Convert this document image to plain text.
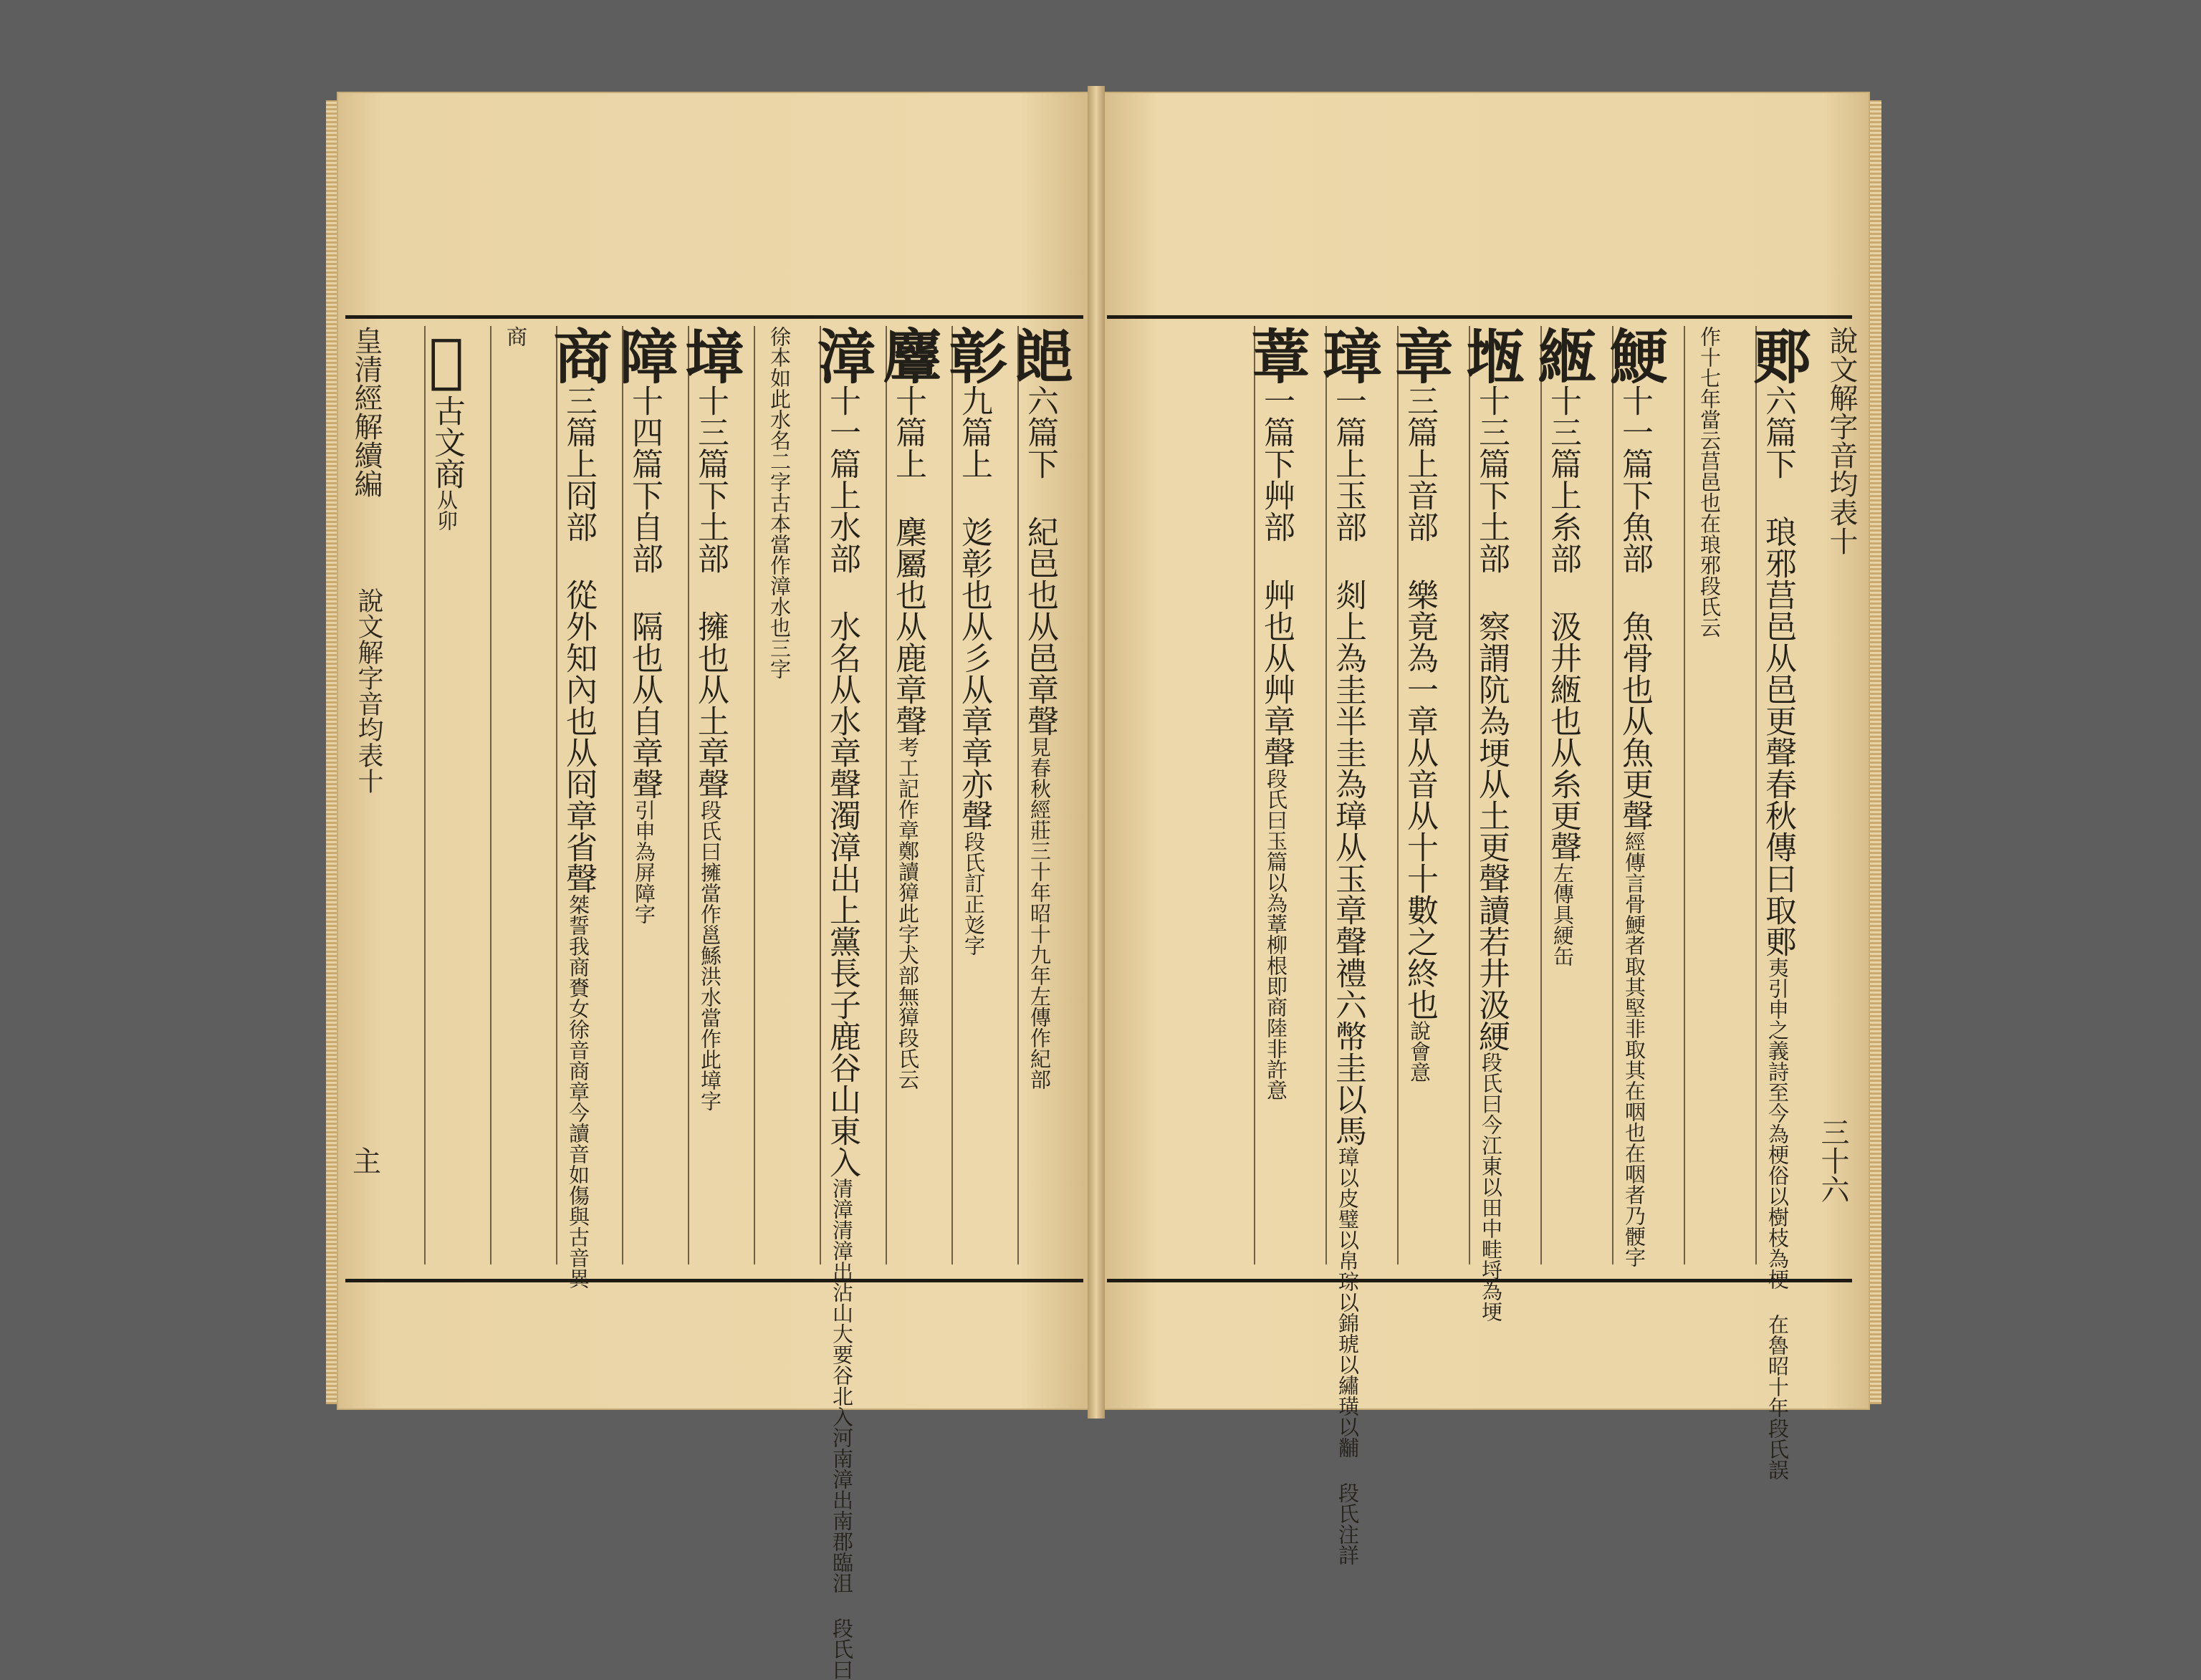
皇清經解續編
說文解字音均表十
主
說文解字音均表十
三十六
郒六篇下 紀邑也从邑章聲見春秋經莊三十年昭十九年左傳作紀部
彰九篇上 彣彰也从彡从章章亦聲段氏訂正彣字
麞十篇上 麇屬也从鹿章聲考工記作章鄭讀獐此字犬部無獐段氏云
漳十一篇上水部 水名从水章聲濁漳出上黨長子鹿谷山東入清漳清漳出沾山大要谷北入河南漳出南郡臨沮 段氏曰
徐本如此水名二字古本當作漳水也三字
墇十三篇下土部 擁也从土章聲段氏曰擁當作邕鯀洪水當作此墇字
障十四篇下自部 隔也从自章聲引申為屏障字
商三篇上冏部 從外知內也从冏章省聲桀誓我商賚女徐音商章今讀音如傷與古音異
商
𠅿古文商从卯
郠六篇下 琅邪莒邑从邑更聲春秋傳曰取郠夷引申之義詩至今為梗俗以樹枝為梗 在魯昭十年段氏誤
作十七年當云莒邑也在琅邪段氏云
鯁十一篇下魚部 魚骨也从魚更聲經傳言骨鯁者取其堅非取其在咽也在咽者乃骾字
緪十三篇上糸部 汲井緪也从糸更聲左傳具綆缶
堩十三篇下土部 察謂阬為埂从土更聲讀若井汲綆段氏曰今江東以田中畦埒為埂
章三篇上音部 樂竟為一章从音从十十數之終也說會意
璋一篇上玉部 剡上為圭半圭為璋从玉章聲禮六幣圭以馬璋以皮璧以帛琮以錦琥以繡璜以黼 段氏注詳
蔁一篇下艸部 艸也从艸章聲段氏曰玉篇以為蔁柳根即商陸非許意
